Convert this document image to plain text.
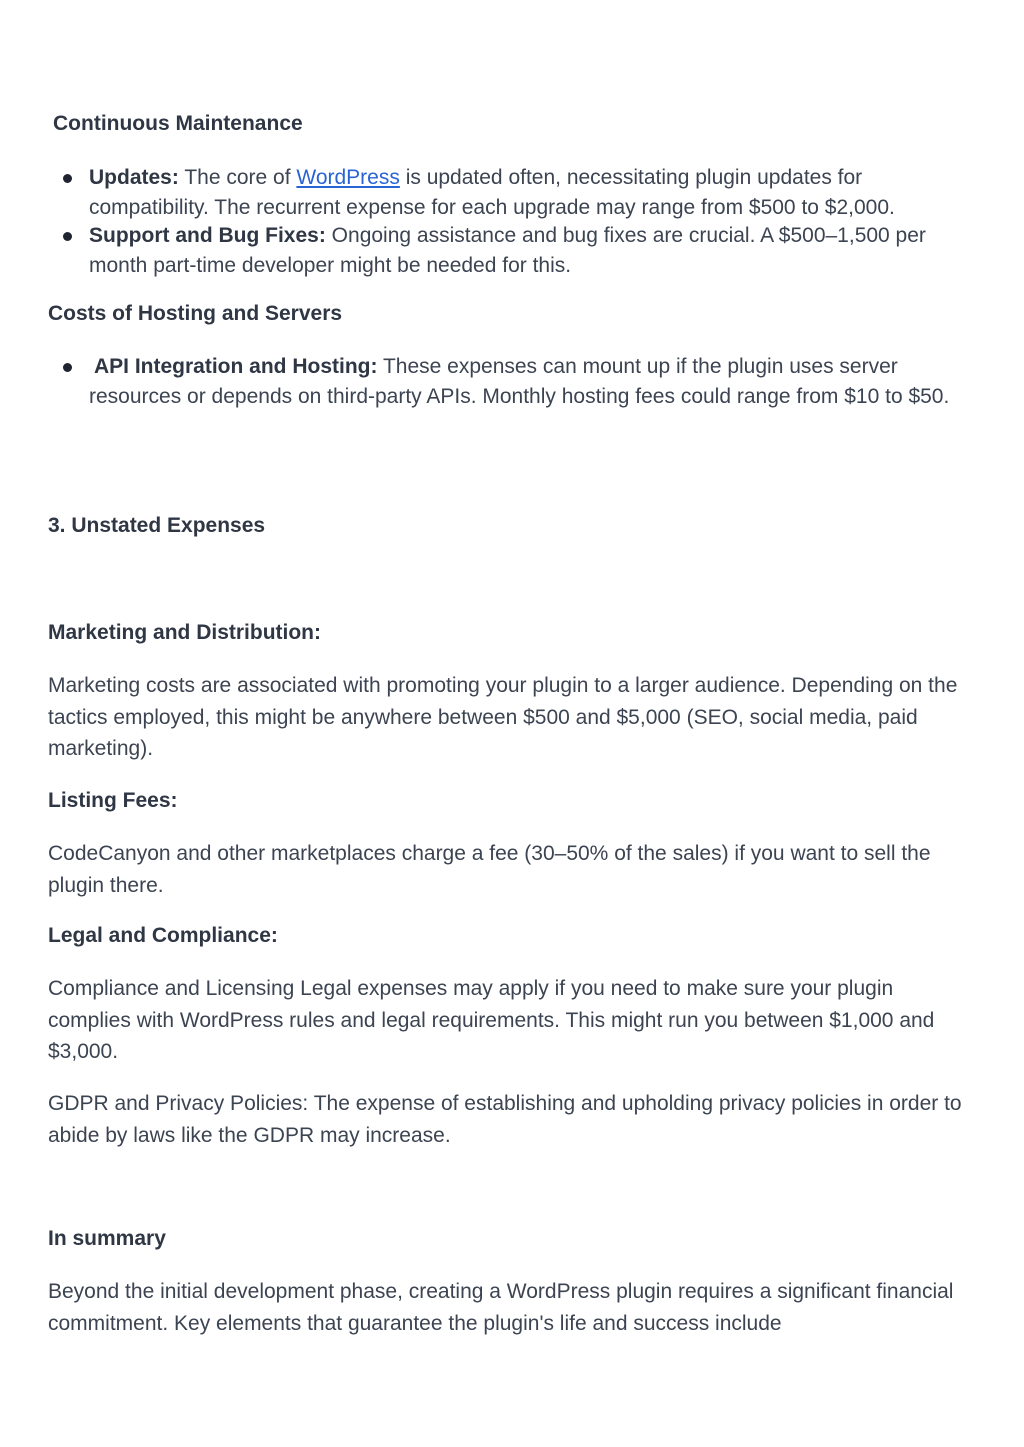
Continuous Maintenance

Updates: The core of WordPress is updated often, necessitating plugin updates for compatibility. The recurrent expense for each upgrade may range from $500 to $2,000.

Support and Bug Fixes: Ongoing assistance and bug fixes are crucial. A $500–1,500 per month part-time developer might be needed for this.

Costs of Hosting and Servers

API Integration and Hosting: These expenses can mount up if the plugin uses server resources or depends on third-party APIs. Monthly hosting fees could range from $10 to $50.

3. Unstated Expenses
Marketing and Distribution:

Marketing costs are associated with promoting your plugin to a larger audience. Depending on the tactics employed, this might be anywhere between $500 and $5,000 (SEO, social media, paid marketing).

Listing Fees:

CodeCanyon and other marketplaces charge a fee (30–50% of the sales) if you want to sell the plugin there.

Legal and Compliance:

Compliance and Licensing Legal expenses may apply if you need to make sure your plugin complies with WordPress rules and legal requirements. This might run you between $1,000 and $3,000.

GDPR and Privacy Policies: The expense of establishing and upholding privacy policies in order to abide by laws like the GDPR may increase.

In summary

Beyond the initial development phase, creating a WordPress plugin requires a significant financial commitment. Key elements that guarantee the plugin's life and success include
